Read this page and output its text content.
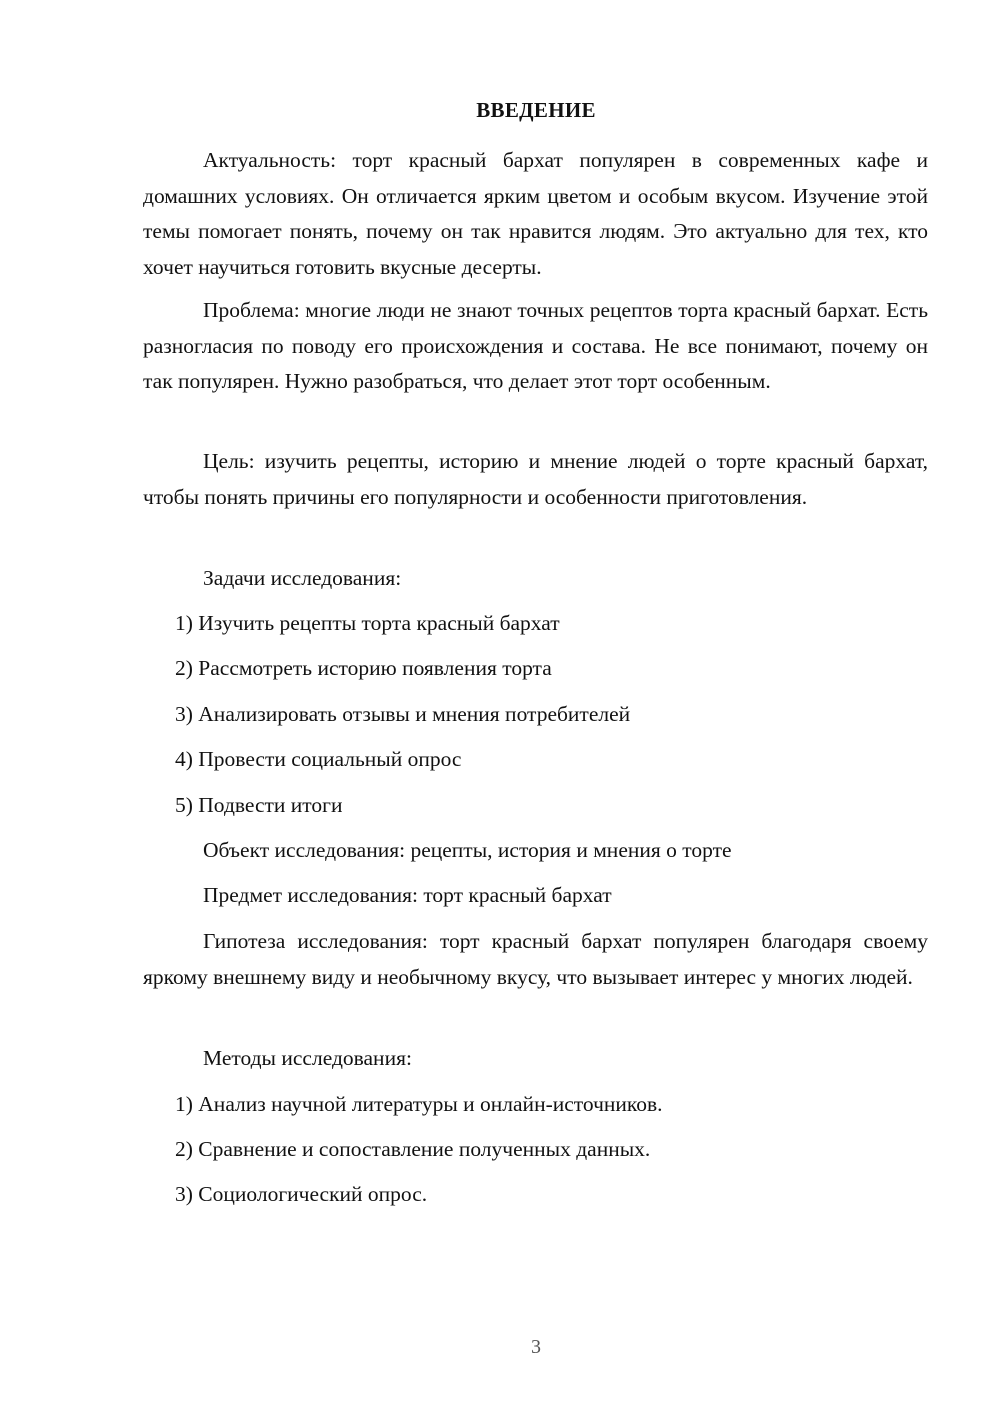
ВВЕДЕНИЕ

Актуальность: торт красный бархат популярен в современных кафе и домашних условиях. Он отличается ярким цветом и особым вкусом. Изучение этой темы помогает понять, почему он так нравится людям. Это актуально для тех, кто хочет научиться готовить вкусные десерты.

Проблема: многие люди не знают точных рецептов торта красный бархат. Есть разногласия по поводу его происхождения и состава. Не все понимают, почему он так популярен. Нужно разобраться, что делает этот торт особенным.

Цель: изучить рецепты, историю и мнение людей о торте красный бархат, чтобы понять причины его популярности и особенности приготовления.

Задачи исследования:
1) Изучить рецепты торта красный бархат
2) Рассмотреть историю появления торта
3) Анализировать отзывы и мнения потребителей
4) Провести социальный опрос
5) Подвести итоги
Объект исследования: рецепты, история и мнения о торте
Предмет исследования: торт красный бархат

Гипотеза исследования: торт красный бархат популярен благодаря своему яркому внешнему виду и необычному вкусу, что вызывает интерес у многих людей.

Методы исследования:
1) Анализ научной литературы и онлайн-источников.
2) Сравнение и сопоставление полученных данных.
3) Социологический опрос.
3
